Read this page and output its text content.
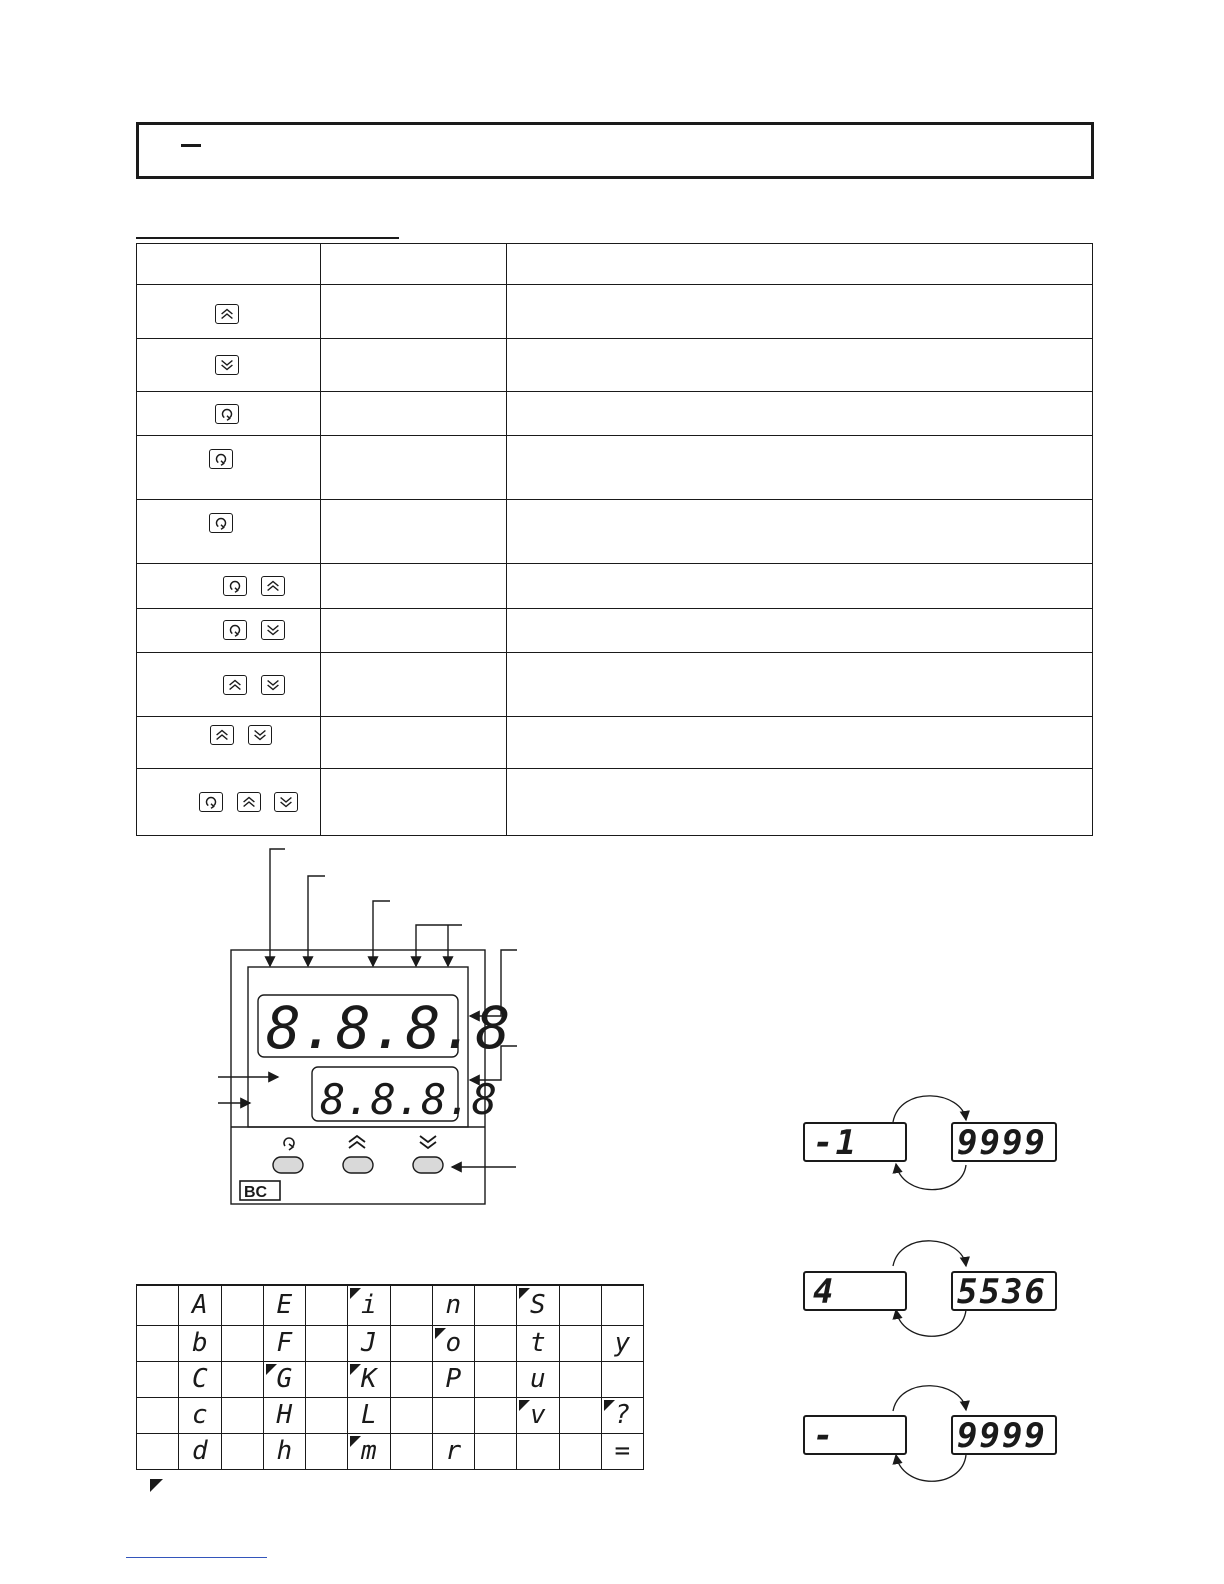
8.8.8.8
8.8.8.8
BC
	A		E		i		n		S		
	b		F		J		o		t		y
	C		G		K		P		u		
	c		H		L				v		?
	d		h		m		r				=
-1	9999
4	5536
-	9999
